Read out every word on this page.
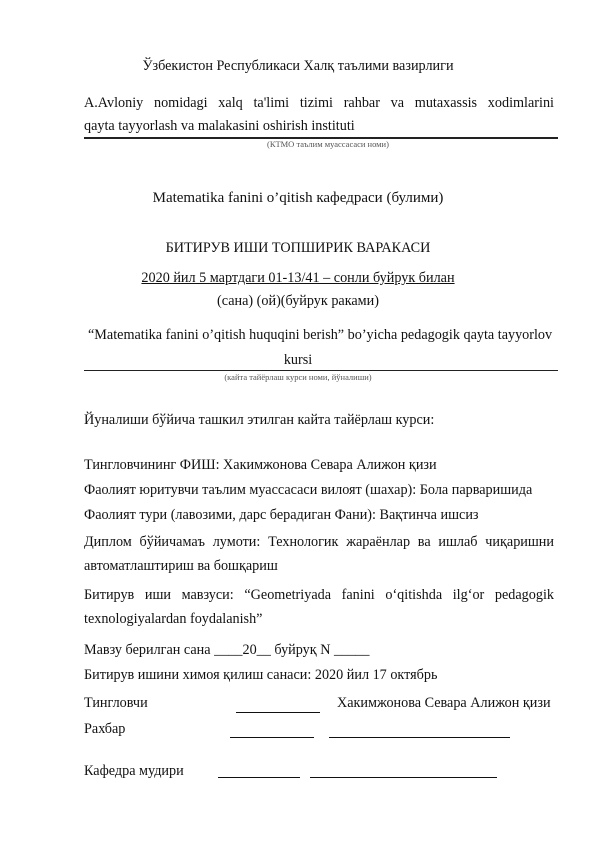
Ўзбекистон Республикаси Халқ таълими вазирлиги
A.Avloniy nomidagi xalq ta'limi tizimi rahbar va mutaxassis xodimlarini
qayta tayyorlash va malakasini oshirish instituti
(КТМО таълим муассасаси номи)
Matematika fanini o’qitish кафедраси (булими)
БИТИРУВ ИШИ ТОПШИРИК ВАРАКАСИ
2020 йил 5 мартдаги 01-13/41 – сонли буйрук билан
(сана) (ой)(буйрук раками)
“Matematika fanini o’qitish huquqini berish” bo’yicha pedagogik qayta tayyorlov
kursi
(кайта тайёрлаш курси номи, йўналиши)
Йуналиши бўйича ташкил этилган кайта тайёрлаш курси:
Тингловчининг ФИШ: Хакимжонова Севара Алижон қизи
Фаолият юритувчи таълим муассасаси вилоят (шахар): Бола парваришида
Фаолият тури (лавозими, дарс берадиган Фани): Вақтинча ишсиз
Диплом бўйичамаъ лумоти: Технологик жараёнлар ва ишлаб чиқаришни
автоматлаштириш ва бошқариш
Битирув иши мавзуси: “Geometriyada fanini o‘qitishda ilg‘or pedagogik
texnologiyalardan foydalanish”
Мавзу берилган сана ____20__ буйруқ N _____
Битирув ишини химоя қилиш санаси: 2020 йил 17 октябрь
Тингловчи	Хакимжонова Севара Алижон қизи
Рахбар
Кафедра мудири
